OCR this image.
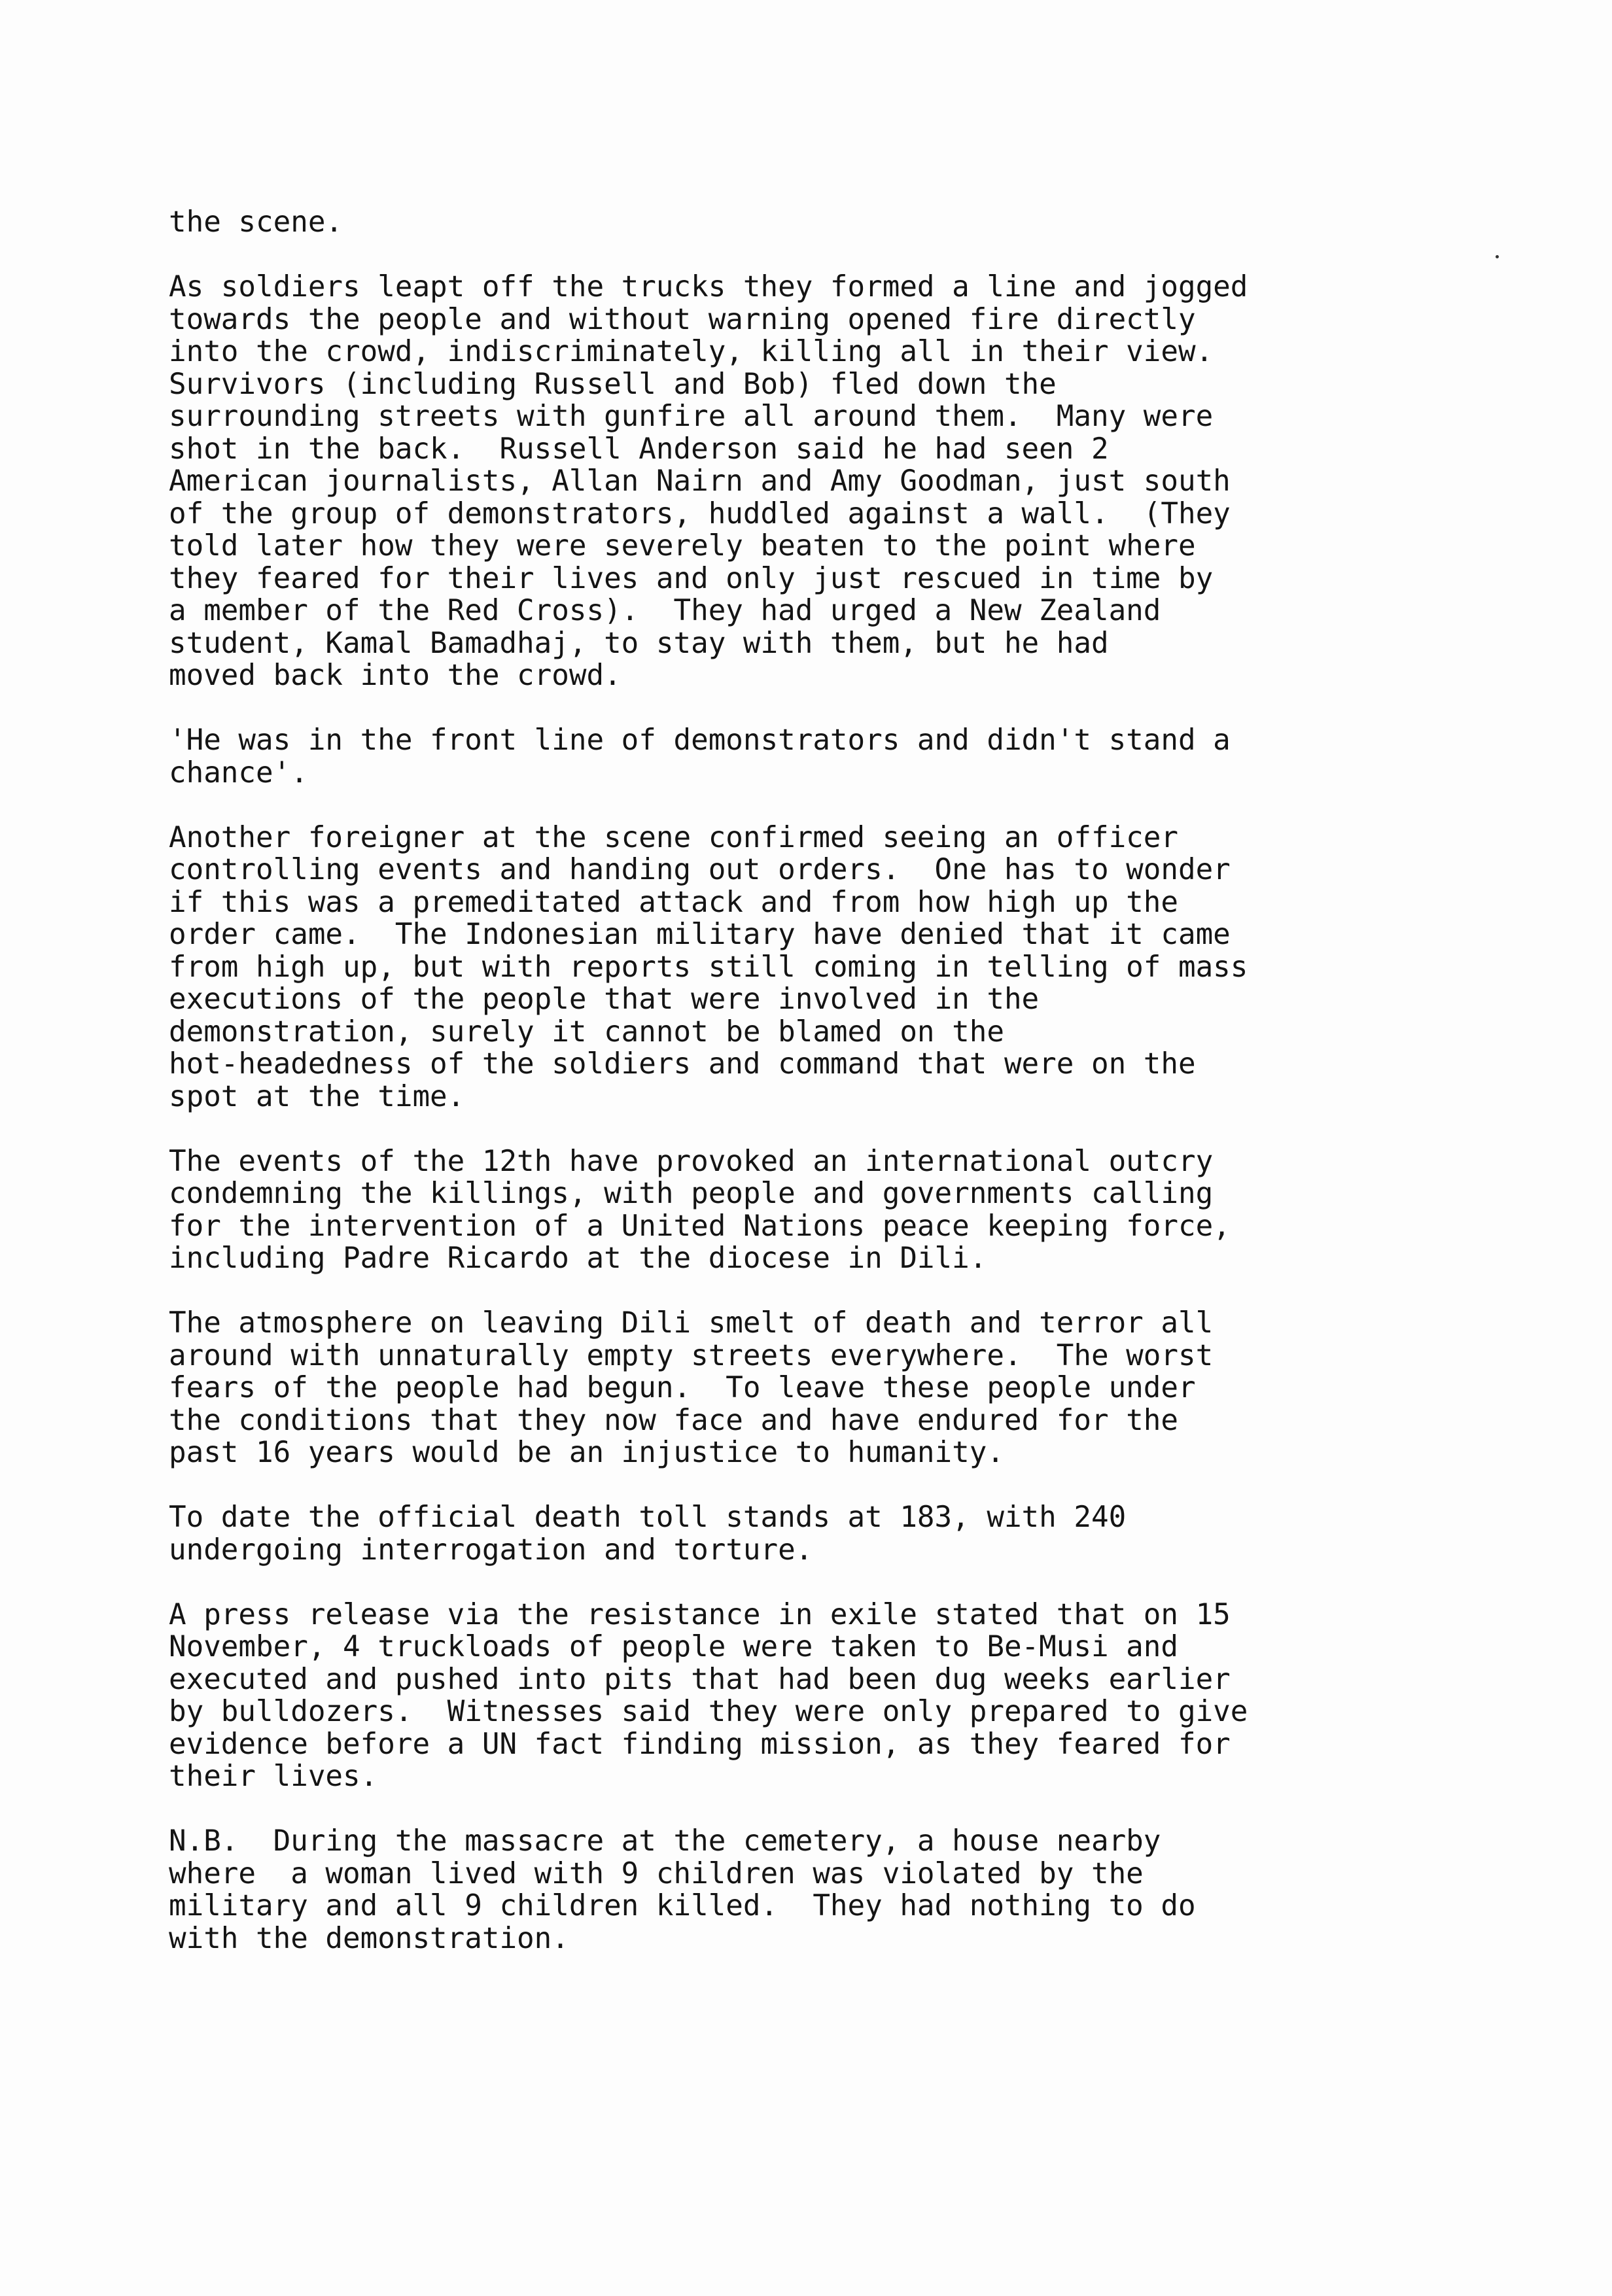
the scene.
As soldiers leapt off the trucks they formed a line and jogged
towards the people and without warning opened fire directly
into the crowd, indiscriminately, killing all in their view.
Survivors (including Russell and Bob) fled down the
surrounding streets with gunfire all around them.  Many were
shot in the back.  Russell Anderson said he had seen 2
American journalists, Allan Nairn and Amy Goodman, just south
of the group of demonstrators, huddled against a wall.  (They
told later how they were severely beaten to the point where
they feared for their lives and only just rescued in time by
a member of the Red Cross).  They had urged a New Zealand
student, Kamal Bamadhaj, to stay with them, but he had
moved back into the crowd.
'He was in the front line of demonstrators and didn't stand a
chance'.
Another foreigner at the scene confirmed seeing an officer
controlling events and handing out orders.  One has to wonder
if this was a premeditated attack and from how high up the
order came.  The Indonesian military have denied that it came
from high up, but with reports still coming in telling of mass
executions of the people that were involved in the
demonstration, surely it cannot be blamed on the
hot-headedness of the soldiers and command that were on the
spot at the time.
The events of the 12th have provoked an international outcry
condemning the killings, with people and governments calling
for the intervention of a United Nations peace keeping force,
including Padre Ricardo at the diocese in Dili.
The atmosphere on leaving Dili smelt of death and terror all
around with unnaturally empty streets everywhere.  The worst
fears of the people had begun.  To leave these people under
the conditions that they now face and have endured for the
past 16 years would be an injustice to humanity.
To date the official death toll stands at 183, with 240
undergoing interrogation and torture.
A press release via the resistance in exile stated that on 15
November, 4 truckloads of people were taken to Be-Musi and
executed and pushed into pits that had been dug weeks earlier
by bulldozers.  Witnesses said they were only prepared to give
evidence before a UN fact finding mission, as they feared for
their lives.
N.B.  During the massacre at the cemetery, a house nearby
where  a woman lived with 9 children was violated by the
military and all 9 children killed.  They had nothing to do
with the demonstration.
